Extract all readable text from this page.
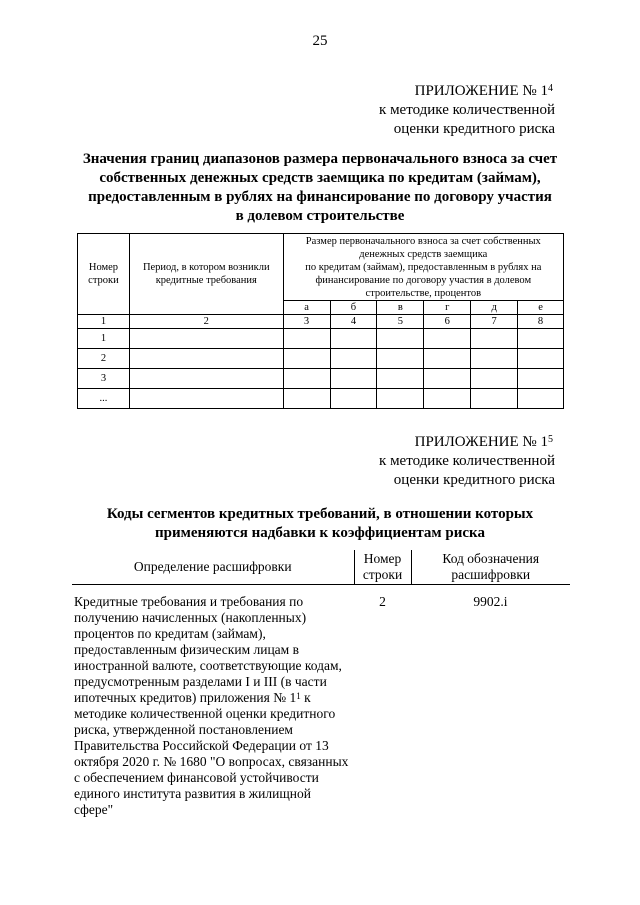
25
ПРИЛОЖЕНИЕ № $1^4$
к методике количественной
оценки кредитного риска
Значения границ диапазонов размера первоначального взноса за счет
собственных денежных средств заемщика по кредитам (займам),
предоставленным в рублях на финансирование по договору участия
в долевом строительстве
Номер строки	Период, в котором возникли кредитные требования	Размер первоначального взноса за счет собственных
денежных средств заемщика
по кредитам (займам), предоставленным в рублях на
финансирование по договору участия в долевом
строительстве, процентов					

		а	б	в	г	д	е
1	2	3	4	5	6	7	8
1							
2							
3							
...							
ПРИЛОЖЕНИЕ № $1^5$
к методике количественной
оценки кредитного риска
Коды сегментов кредитных требований, в отношении которых
применяются надбавки к коэффициентам риска
Определение расшифровки	Номер строки	Код обозначения расшифровки

Кредитные требования и требования по получению начисленных (накопленных) процентов по кредитам (займам), предоставленным физическим лицам в иностранной валюте, соответствующие кодам, предусмотренным разделами I и III (в части ипотечных кредитов) приложения № $1^1$ к методике количественной оценки кредитного риска, утвержденной постановлением Правительства Российской Федерации от 13 октября 2020 г. № 1680 "О вопросах, связанных с обеспечением финансовой устойчивости единого института развития в жилищной сфере"	2	9902.i
